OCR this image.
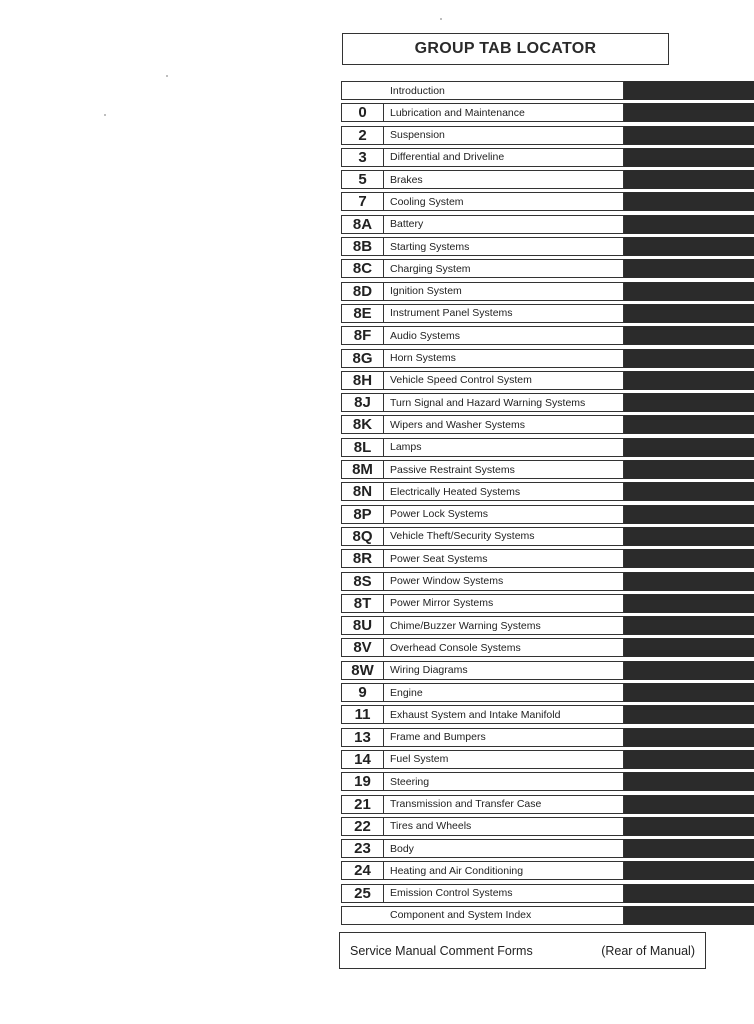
GROUP TAB LOCATOR
Introduction
0	Lubrication and Maintenance
2	Suspension
3	Differential and Driveline
5	Brakes
7	Cooling System
8A	Battery
8B	Starting Systems
8C	Charging System
8D	Ignition System
8E	Instrument Panel Systems
8F	Audio Systems
8G	Horn Systems
8H	Vehicle Speed Control System
8J	Turn Signal and Hazard Warning Systems
8K	Wipers and Washer Systems
8L	Lamps
8M	Passive Restraint Systems
8N	Electrically Heated Systems
8P	Power Lock Systems
8Q	Vehicle Theft/Security Systems
8R	Power Seat Systems
8S	Power Window Systems
8T	Power Mirror Systems
8U	Chime/Buzzer Warning Systems
8V	Overhead Console Systems
8W	Wiring Diagrams
9	Engine
11	Exhaust System and Intake Manifold
13	Frame and Bumpers
14	Fuel System
19	Steering
21	Transmission and Transfer Case
22	Tires and Wheels
23	Body
24	Heating and Air Conditioning
25	Emission Control Systems
Component and System Index
Service Manual Comment Forms	(Rear of Manual)
